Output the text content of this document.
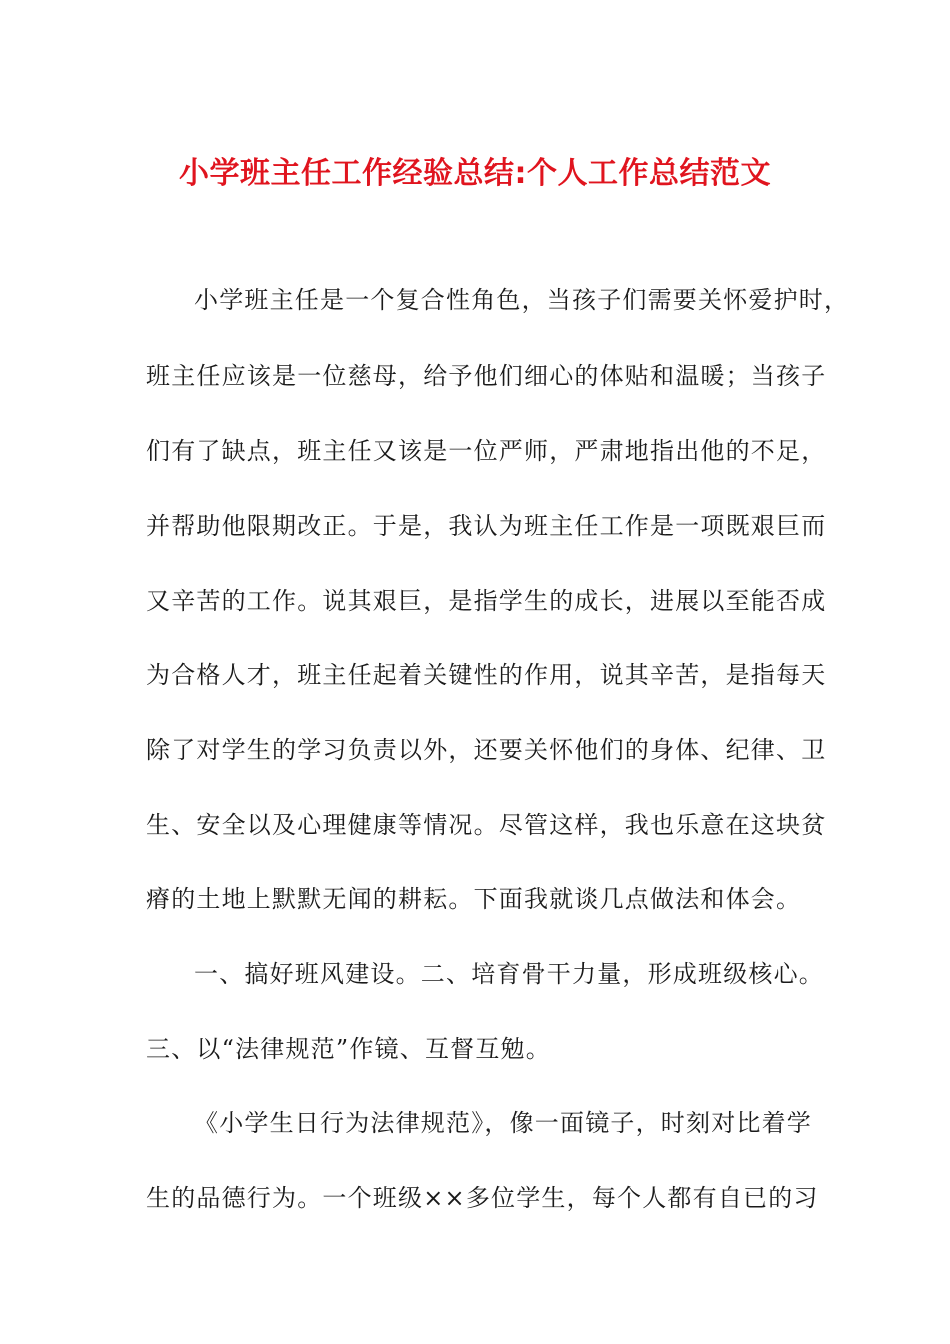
小学班主任工作经验总结:个人工作总结范文
小学班主任是一个复合性角色，当孩子们需要关怀爱护时，
班主任应该是一位慈母，给予他们细心的体贴和温暖；当孩子
们有了缺点，班主任又该是一位严师，严肃地指出他的不足，
并帮助他限期改正。于是，我认为班主任工作是一项既艰巨而
又辛苦的工作。说其艰巨，是指学生的成长，进展以至能否成
为合格人才，班主任起着关键性的作用，说其辛苦，是指每天
除了对学生的学习负责以外，还要关怀他们的身体、纪律、卫
生、安全以及心理健康等情况。尽管这样，我也乐意在这块贫
瘠的土地上默默无闻的耕耘。下面我就谈几点做法和体会。
一、搞好班风建设。二、培育骨干力量，形成班级核心。
三、以“法律规范”作镜、互督互勉。
《小学生日行为法律规范》，像一面镜子，时刻对比着学
生的品德行为。一个班级××多位学生，每个人都有自已的习
